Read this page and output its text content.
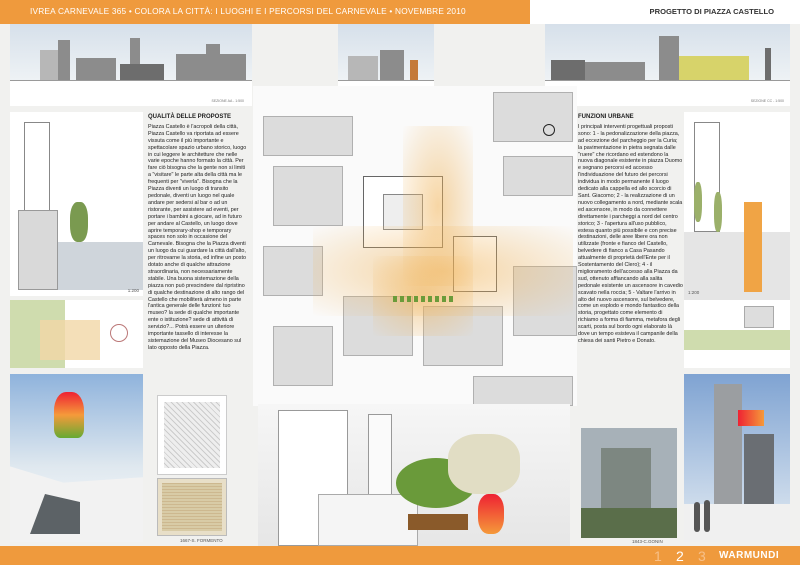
IVREA CARNEVALE 365 • COLORA LA CITTÀ: I LUOGHI E I PERCORSI DEL CARNEVALE • NOVEMBRE 2010	PROGETTO DI PIAZZA CASTELLO
SEZIONE AA - 1:500	SEZIONE CC - 1:500
1:200
QUALITÀ DELLE PROPOSTE
Piazza Castello è l'acropoli della città, Piazza Castello va riportata ad essere vissuta come il più importante e spettacolare spazio urbano storico, luogo in cui leggere le architetture che nelle varie epoche hanno formato la città. Per fare ciò bisogna che la gente non si limiti a "visitare" le parte alta della città ma le frequenti per "viverla". Bisogna che la Piazza diventi un luogo di transito pedonale, diventi un luogo nel quale andare per sedersi al bar o ad un ristorante, per assistere ad eventi, per portare i bambini a giocare, ad in futuro per andare al Castello, un luogo dove aprire temporary-shop e temporary spaces non solo in occasione del Carnevale. Bisogna che la Piazza diventi un luogo da cui guardare la città dall'alto, per ritrovarne la storia, ed infine un posto dotato anche di qualche attrazione straordinaria, non necessariamente stabile. Una buona sistemazione della piazza non può prescindere dal ripristino di qualche destinazione di alto rango del Castello che mobiliterà almeno in parte l'antica generale delle funzioni: tuo museo? la sede di qualche importante ente o istituzione? sede di attività di servizio?... Potrà essere un ulteriore importante tassello di interesse la sistemazione del Museo Diocesano sul lato opposto della Piazza.
1667-S. FORMENTO
FUNZIONI URBANE
I principali interventi progettuali proposti sono: 1 - la pedonalizzazione della piazza, ad eccezione del parcheggio per la Curia; la pavimentazione in pietra segnata dalle "ruere" che ricordano ed estendono la nuova diagonale esistente in piazza Duomo e segnano percorsi ed accesso l'individuazione del futuro dei percorsi individua in modo permanente il luogo dedicato alla cappella ed allo scorcio di Sant. Giacomo; 2 - la realizzazione di un nuovo collegamento a nord, mediante scala ed ascensore, in modo da connettere direttamente i parcheggi a nord del centro storico; 3 - l'apertura all'uso pubblico, estesa quanto più possibile e con precise destinazioni, delle aree libere ora non utilizzate (fronte e fianco del Castello, belvedere di fianco a Casa Pasando attualmente di proprietà dell'Ente per il Sostentamento del Clero); 4 - il miglioramento dell'accesso alla Piazza da sud, ottenuto affiancando alla salita pedonale esistente un ascensore in cavedio scavato nella roccia; 5 - Valtare l'arrivo in alto del nuovo ascensore, sul belvedere, come un esplodo e mondo fantastico della storia, progettato come elemento di richiamo a forma di fiamma, metafora degli scarti, posta sul bordo ogni elaborato là dove un tempo esisteva il campanile della chiesa dei santi Pietro e Donato.
1843-C.GONIN
1:200
1 2 3 WARMUNDI
